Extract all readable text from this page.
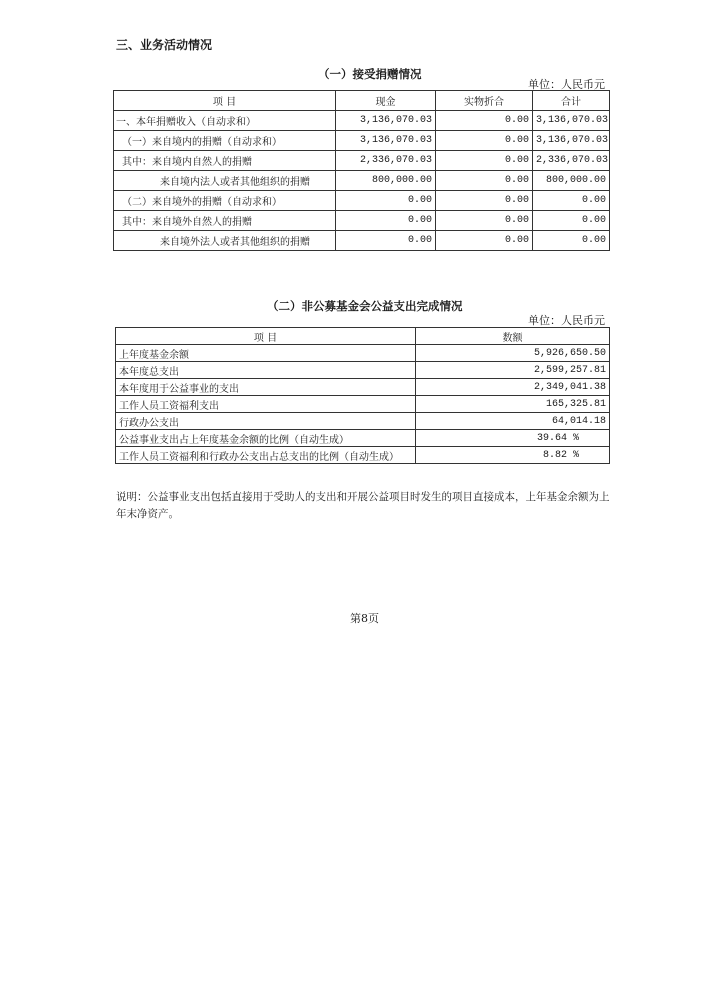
三、业务活动情况
（一）接受捐赠情况
单位：人民币元
项 目	现金	实物折合	合计
一、本年捐赠收入（自动求和）	3,136,070.03	0.00	3,136,070.03
（一）来自境内的捐赠（自动求和）	3,136,070.03	0.00	3,136,070.03
其中：来自境内自然人的捐赠	2,336,070.03	0.00	2,336,070.03
来自境内法人或者其他组织的捐赠	800,000.00	0.00	800,000.00
（二）来自境外的捐赠（自动求和）	0.00	0.00	0.00
其中：来自境外自然人的捐赠	0.00	0.00	0.00
来自境外法人或者其他组织的捐赠	0.00	0.00	0.00
（二）非公募基金会公益支出完成情况
单位：人民币元
项 目	数额
上年度基金余额	5,926,650.50
本年度总支出	2,599,257.81
本年度用于公益事业的支出	2,349,041.38
工作人员工资福利支出	165,325.81
行政办公支出	64,014.18
公益事业支出占上年度基金余额的比例（自动生成）	39.64 %
工作人员工资福利和行政办公支出占总支出的比例（自动生成）	8.82 %
说明：公益事业支出包括直接用于受助人的支出和开展公益项目时发生的项目直接成本，上年基金余额为上年末净资产。
第8页
